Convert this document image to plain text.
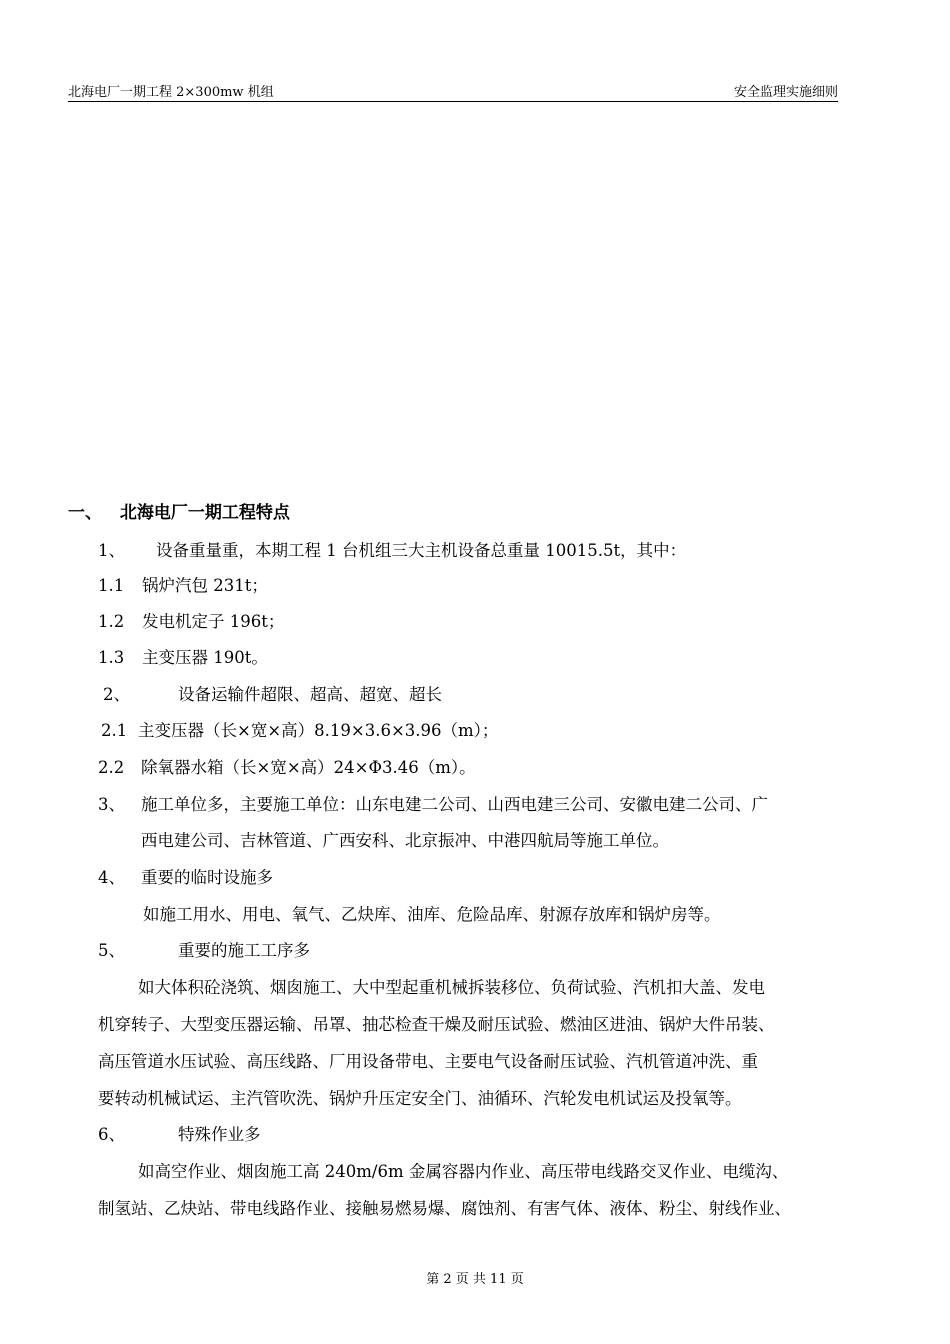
北海电厂一期工程 2×300mw 机组	安全监理实施细则
一、 北海电厂一期工程特点
1、 设备重量重，本期工程 1 台机组三大主机设备总重量 10015.5t，其中：
1.1 锅炉汽包 231t；
1.2 发电机定子 196t；
1.3 主变压器 190t。
2、	设备运输件超限、超高、超宽、超长
2.1 主变压器（长×宽×高）8.19×3.6×3.96（m）；
2.2 除氧器水箱（长×宽×高）24×Φ3.46（m）。
3、 施工单位多，主要施工单位：山东电建二公司、山西电建三公司、安徽电建二公司、广
西电建公司、吉林管道、广西安科、北京振冲、中港四航局等施工单位。
4、 重要的临时设施多
如施工用水、用电、氧气、乙炔库、油库、危险品库、射源存放库和锅炉房等。
5、	重要的施工工序多
如大体积砼浇筑、烟囱施工、大中型起重机械拆装移位、负荷试验、汽机扣大盖、发电
机穿转子、大型变压器运输、吊罩、抽芯检查干燥及耐压试验、燃油区进油、锅炉大件吊装、
高压管道水压试验、高压线路、厂用设备带电、主要电气设备耐压试验、汽机管道冲洗、重
要转动机械试运、主汽管吹洗、锅炉升压定安全门、油循环、汽轮发电机试运及投氧等。
6、	特殊作业多
如高空作业、烟囱施工高 240m/6m 金属容器内作业、高压带电线路交叉作业、电缆沟、
制氢站、乙炔站、带电线路作业、接触易燃易爆、腐蚀剂、有害气体、液体、粉尘、射线作业、
第 2 页 共 11 页
